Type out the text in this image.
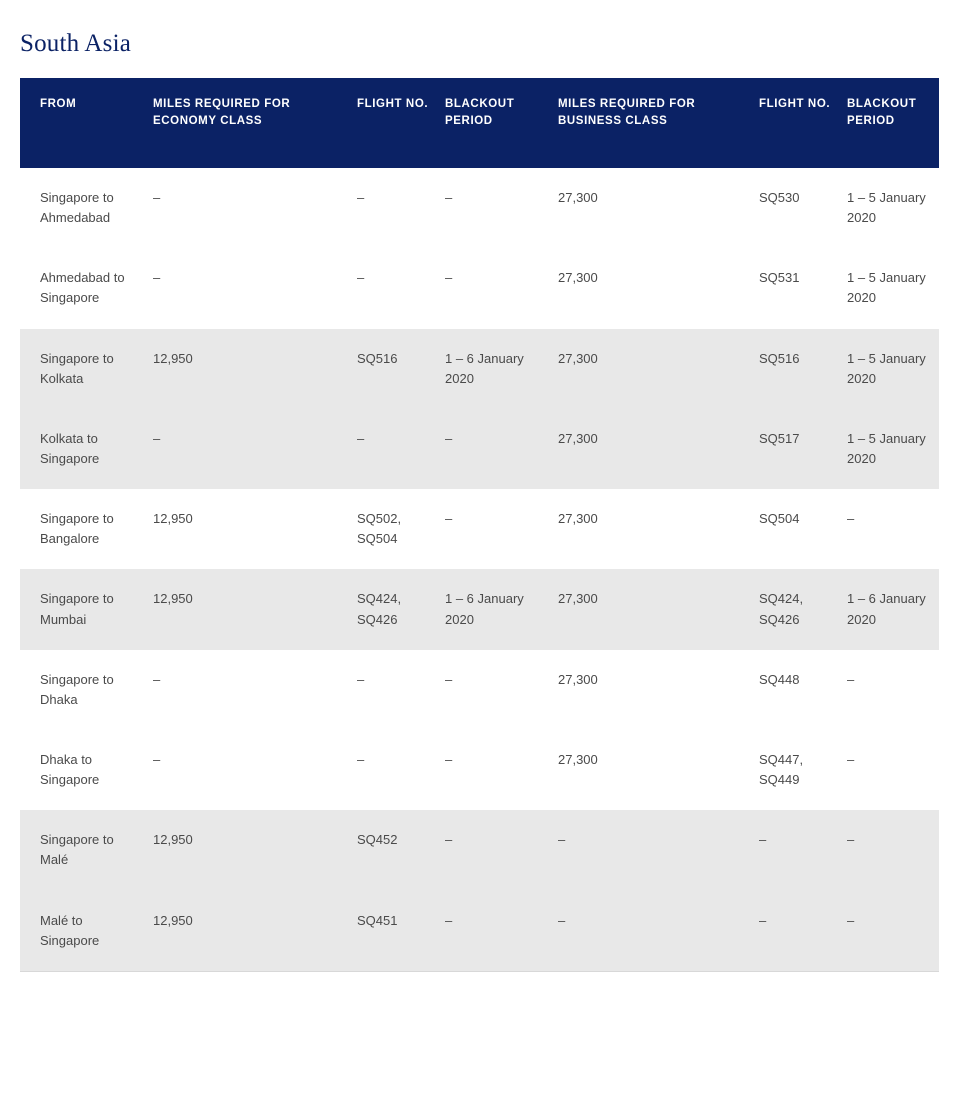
South Asia
FROM	MILES REQUIRED FOR ECONOMY CLASS	FLIGHT NO.	BLACKOUT PERIOD	MILES REQUIRED FOR BUSINESS CLASS	FLIGHT NO.	BLACKOUT PERIOD
Singapore to Ahmedabad	–	–	–	27,300	SQ530	1 – 5 January 2020
Ahmedabad to Singapore	–	–	–	27,300	SQ531	1 – 5 January 2020
Singapore to Kolkata	12,950	SQ516	1 – 6 January 2020	27,300	SQ516	1 – 5 January 2020
Kolkata to Singapore	–	–	–	27,300	SQ517	1 – 5 January 2020
Singapore to Bangalore	12,950	SQ502, SQ504	–	27,300	SQ504	–
Singapore to Mumbai	12,950	SQ424, SQ426	1 – 6 January 2020	27,300	SQ424, SQ426	1 – 6 January 2020
Singapore to Dhaka	–	–	–	27,300	SQ448	–
Dhaka to Singapore	–	–	–	27,300	SQ447, SQ449	–
Singapore to Malé	12,950	SQ452	–	–	–	–
Malé to Singapore	12,950	SQ451	–	–	–	–
